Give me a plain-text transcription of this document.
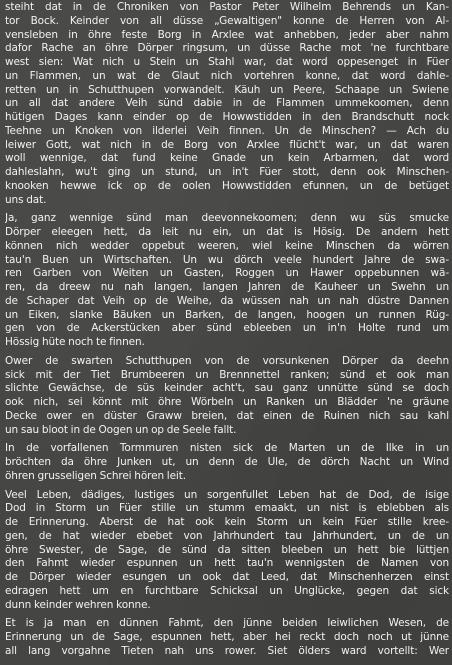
steiht dat in de Chroniken von Pastor Peter Wilhelm Behrends un Kan-
tor Bock. Keinder von all düsse „Gewaltigen" konne de Herren von Al-
vensleben in öhre feste Borg in Arxlee wat anhebben, jeder aber nahm
dafor Rache an öhre Dörper ringsum, un düsse Rache mot 'ne furchtbare
west sien: Wat nich u Stein un Stahl war, dat word oppesenget in Füer
un Flammen, un wat de Glaut nich vortehren konne, dat word dahle-
retten un in Schutthupen vorwandelt. Käuh un Peere, Schaape un Swiene
un all dat andere Veih sünd dabie in de Flammen ummekoomen, denn
hütigen Dages kann einder op de Howwstidden in den Brandschutt nock
Teehne un Knoken von ilderlei Veih finnen. Un de Minschen? — Ach du
leiwer Gott, wat nich in de Borg von Arxlee flücht't war, un dat waren
woll wennige, dat fund keine Gnade un kein Arbarmen, dat word
dahleslahn, wu't ging un stund, un in't Füer stott, denn ook Minschen-
knooken hewwe ick op de oolen Howwstidden efunnen, un de betüget
uns dat.

Ja, ganz wennige sünd man deevonnekoomen; denn wu süs smucke
Dörper eleegen hett, da leit nu ein, un dat is Hösig. De andern hett
können nich wedder oppebut weeren, wiel keine Minschen da wörren
tau'n Buen un Wirtschaften. Un wu dörch veele hundert Jahre de swa-
ren Garben von Weiten un Gasten, Roggen un Hawer oppebunnen wä-
ren, da dreew nu nah langen, langen Jahren de Kauheer un Swehn un
de Schaper dat Veih op de Weihe, da wüssen nah un nah düstre Dannen
un Eiken, slanke Bäuken un Barken, de langen, hoogen un runnen Rüg-
gen von de Ackerstücken aber sünd ebleeben un in'n Holte rund um
Hössig hüte noch te finnen.

Ower de swarten Schutthupen von de vorsunkenen Dörper da deehn
sick mit der Tiet Brumbeeren un Brennnettel ranken; sünd et ook man
slichte Gewächse, de süs keinder acht't, sau ganz unnütte sünd se doch
ook nich, sei könnt mit öhre Wörbeln un Ranken un Blädder 'ne gräune
Decke ower en düster Graww breien, dat einen de Ruinen nich sau kahl
un sau bloot in de Oogen un op de Seele fallt.

In de vorfallenen Tormmuren nisten sick de Marten un de Ilke in un
bröchten da öhre Junken ut, un denn de Ule, de dörch Nacht un Wind
öhren grusseligen Schrei hören leit.

Veel Leben, dädiges, lustiges un sorgenfullet Leben hat de Dod, de isige
Dod in Storm un Füer stille un stumm emaakt, un nist is eblebben als
de Erinnerung. Aberst de hat ook kein Storm un kein Füer stille kree-
gen, de hat wieder ebebet von Jahrhundert tau Jahrhundert, un de un
öhre Swester, de Sage, de sünd da sitten bleeben un hett bie lüttjen
den Fahmt wieder espunnen un hett tau'n wennigsten de Namen von
de Dörper wieder esungen un ook dat Leed, dat Minschenherzen einst
edragen hett um en furchtbare Schicksal un Unglücke, gegen dat sick
dunn keinder wehren konne.

Et is ja man en dünnen Fahmt, den jünne beiden leiwlichen Wesen, de
Erinnerung un de Sage, espunnen hett, aber hei reckt doch noch ut jünne
all lang vorgahne Tieten nah uns rower. Siet ölders ward vortellt: Wer
